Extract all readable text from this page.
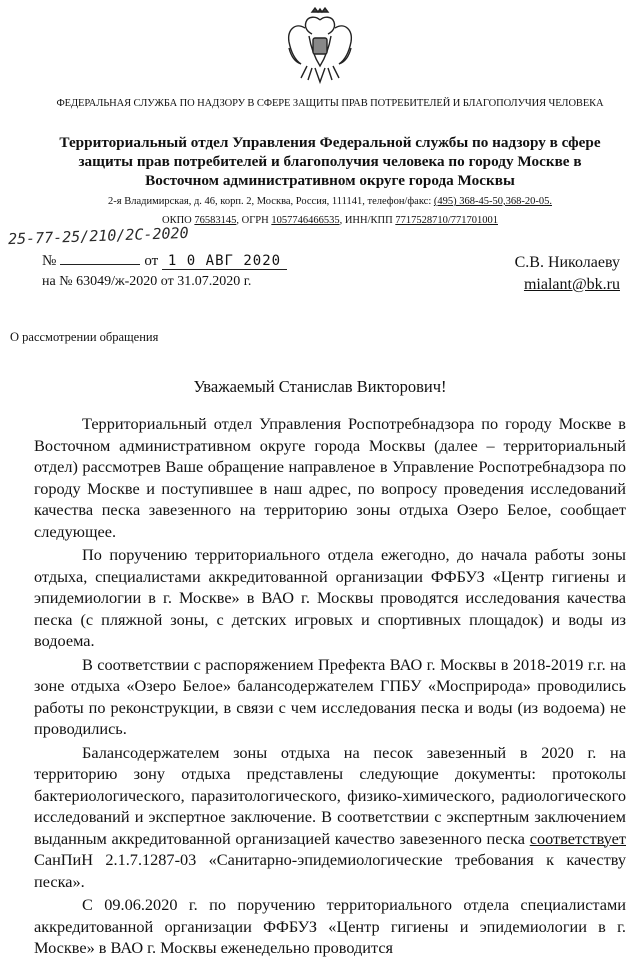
ФЕДЕРАЛЬНАЯ СЛУЖБА ПО НАДЗОРУ В СФЕРЕ ЗАЩИТЫ ПРАВ ПОТРЕБИТЕЛЕЙ И БЛАГОПОЛУЧИЯ ЧЕЛОВЕКА
Территориальный отдел Управления Федеральной службы по надзору в сфере защиты прав потребителей и благополучия человека по городу Москве в Восточном административном округе города Москвы
2-я Владимирская, д. 46, корп. 2, Москва, Россия, 111141, телефон/факс: (495) 368-45-50,368-20-05.
ОКПО 76583145, ОГРН 1057746466535, ИНН/КПП 7717528710/771701001
25-77-25/210/2С-2020
№	от 1 0 АВГ 2020
на № 63049/ж-2020 от 31.07.2020 г.
С.В. Николаеву
mialant@bk.ru
О рассмотрении обращения
Уважаемый Станислав Викторович!

Территориальный отдел Управления Роспотребнадзора по городу Москве в Восточном административном округе города Москвы (далее – территориальный отдел) рассмотрев Ваше обращение направленое в Управление Роспотребнадзора по городу Москве и поступившее в наш адрес, по вопросу проведения исследований качества песка завезенного на территорию зоны отдыха Озеро Белое, сообщает следующее.

По поручению территориального отдела ежегодно, до начала работы зоны отдыха, специалистами аккредитованной организации ФФБУЗ «Центр гигиены и эпидемиологии в г. Москве» в ВАО г. Москвы проводятся исследования качества песка (с пляжной зоны, с детских игровых и спортивных площадок) и воды из водоема.

В соответствии с распоряжением Префекта ВАО г. Москвы в 2018-2019 г.г. на зоне отдыха «Озеро Белое» балансодержателем ГПБУ «Мосприрода» проводились работы по реконструкции, в связи с чем исследования песка и воды (из водоема) не проводились.

Балансодержателем зоны отдыха на песок завезенный в 2020 г. на территорию зону отдыха представлены следующие документы: протоколы бактериологического, паразитологического, физико-химического, радиологического исследований и экспертное заключение. В соответствии с экспертным заключением выданным аккредитованной организацией качество завезенного песка соответствует СанПиН 2.1.7.1287-03 «Санитарно-эпидемиологические требования к качеству песка».

С 09.06.2020 г. по поручению территориального отдела специалистами аккредитованной организации ФФБУЗ «Центр гигиены и эпидемиологии в г. Москве» в ВАО г. Москвы еженедельно проводится
